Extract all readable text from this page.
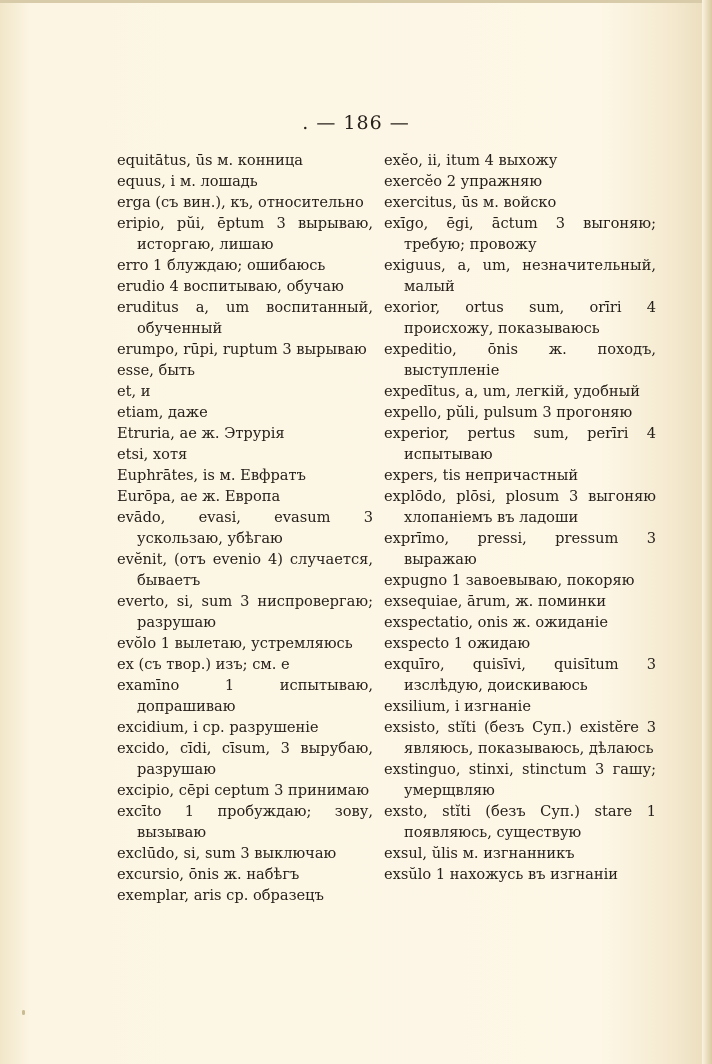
. — 186 —
equitātus, ūs м. конница
equus, i м. лошадь
erga (съ вин.), къ, относительно
eripio, pŭi, ēptum 3 вырываю, исторгаю, лишаю
erro 1 блуждаю; ошибаюсь
erudio 4 воспитываю, обучаю
eruditus a, um воспитанный, обученный
erumpo, rūpi, ruptum 3 вырываю
esse, быть
et, и
etiam, даже
Etruria, ae ж. Этрурія
etsi, хотя
Euphrātes, is м. Евфратъ
Eurōpa, ae ж. Европа
evādo, evasi, evasum 3 ускользаю, убѣгаю
evĕnit, (отъ evenio 4) случается, бываетъ
everto, si, sum 3 ниспровергаю; разрушаю
evŏlo 1 вылетаю, устремляюсь
ex (съ твор.) изъ; см. е
examīno 1 испытываю, допрашиваю
excidium, i ср. разрушеніе
excido, cīdi, cīsum, 3 вырубаю, разрушаю
excipio, cēpi ceptum 3 принимаю
excīto 1 пробуждаю; зову, вызываю
exclūdo, si, sum 3 выключаю
excursio, ōnis ж. набѣгъ
exemplar, aris ср. образецъ
exĕo, ii, itum 4 выхожу
exercĕo 2 упражняю
exercitus, ūs м. войско
exīgo, ēgi, āctum 3 выгоняю; требую; провожу
exiguus, a, um, незначительный, малый
exorior, ortus sum, orīri 4 происхожу, показываюсь
expeditio, ōnis ж. походъ, выступленіе
expedītus, a, um, легкій, удобный
expello, pŭli, pulsum 3 прогоняю
experior, pertus sum, perīri 4 испытываю
expers, tis непричастный
explōdo, plōsi, plosum 3 выгоняю хлопаніемъ въ ладоши
exprīmo, pressi, pressum 3 выражаю
expugno 1 завоевываю, покоряю
exsequiae, ārum, ж. поминки
exspectatio, onis ж. ожиданіе
exspecto 1 ожидаю
exquīro, quisīvi, quisītum 3 изслѣдую, доискиваюсь
exsilium, i изгнаніе
exsisto, stĭti (безъ Суп.) existĕre 3 являюсь, показываюсь, дѣлаюсь
exstinguo, stinxi, stinctum 3 гашу; умерщвляю
exsto, stĭti (безъ Суп.) stare 1 появляюсь, существую
exsul, ŭlis м. изгнанникъ
exsŭlo 1 нахожусь въ изгнаніи
